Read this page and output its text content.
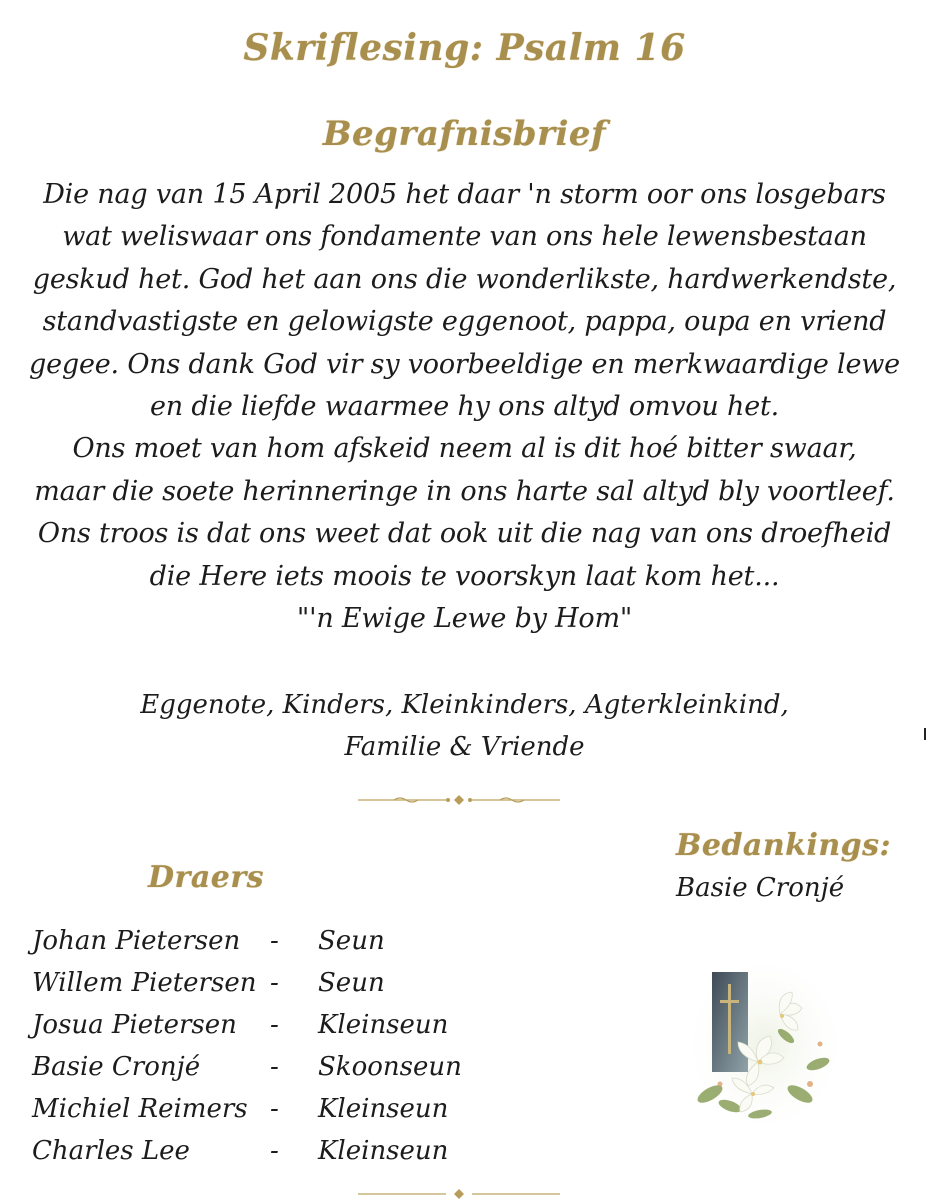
Skriflesing: Psalm 16
Begrafnisbrief
Die nag van 15 April 2005 het daar 'n storm oor ons losgebars
wat weliswaar ons fondamente van ons hele lewensbestaan
geskud het. God het aan ons die wonderlikste, hardwerkendste,
standvastigste en gelowigste eggenoot, pappa, oupa en vriend
gegee. Ons dank God vir sy voorbeeldige en merkwaardige lewe
en die liefde waarmee hy ons altyd omvou het.
Ons moet van hom afskeid neem al is dit hoé bitter swaar,
maar die soete herinneringe in ons harte sal altyd bly voortleef.
Ons troos is dat ons weet dat ook uit die nag van ons droefheid
die Here iets moois te voorskyn laat kom het...
"'n Ewige Lewe by Hom"
Eggenote, Kinders, Kleinkinders, Agterkleinkind,
Familie & Vriende
Draers
Bedankings:
Basie Cronjé
Johan Pietersen - Seun
Willem Pietersen - Seun
Josua Pietersen - Kleinseun
Basie Cronjé	- Skoonseun
Michiel Reimers - Kleinseun
Charles Lee	- Kleinseun
